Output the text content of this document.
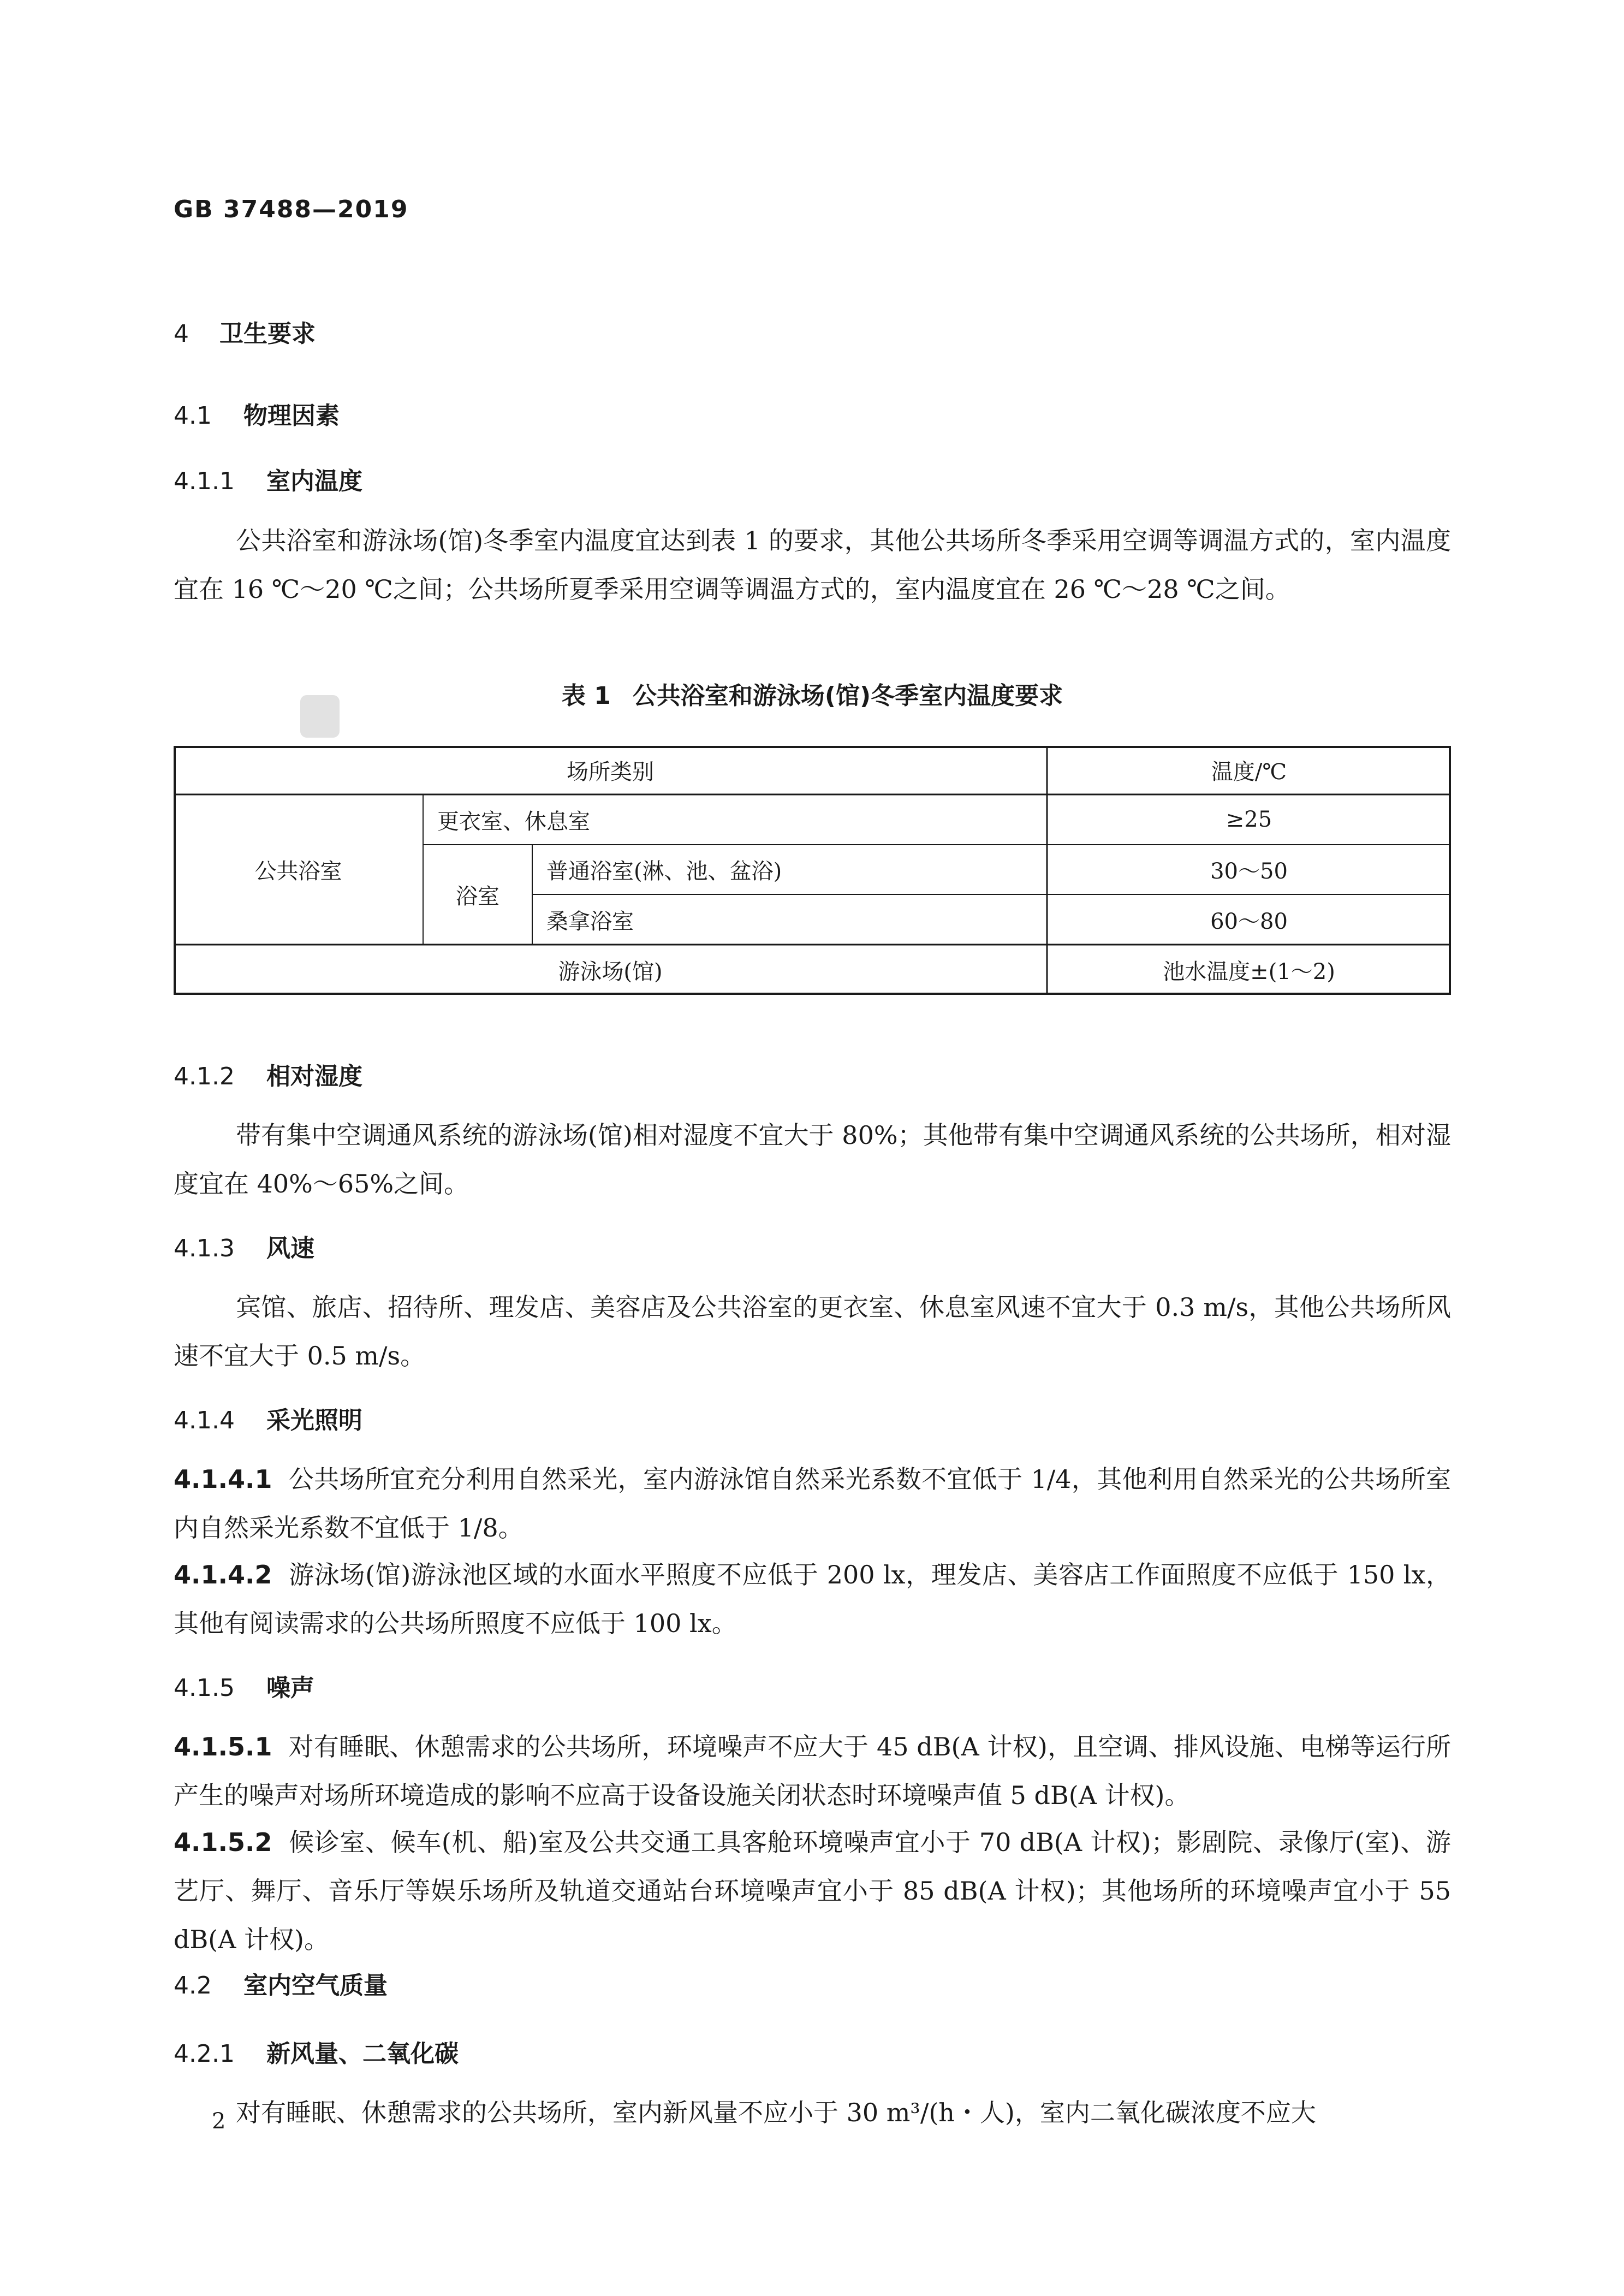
GB 37488—2019
4 卫生要求
4.1 物理因素
4.1.1 室内温度
公共浴室和游泳场(馆)冬季室内温度宜达到表 1 的要求，其他公共场所冬季采用空调等调温方式的，室内温度宜在 16 ℃～20 ℃之间；公共场所夏季采用空调等调温方式的，室内温度宜在 26 ℃～28 ℃之间。
表 1 公共浴室和游泳场(馆)冬季室内温度要求
场所类别	温度/℃
公共浴室
更衣室、休息室	≥25
浴室
普通浴室(淋、池、盆浴)	30～50
桑拿浴室	60～80
游泳场(馆)	池水温度±(1～2)
4.1.2 相对湿度
带有集中空调通风系统的游泳场(馆)相对湿度不宜大于 80%；其他带有集中空调通风系统的公共场所，相对湿度宜在 40%～65%之间。
4.1.3 风速
宾馆、旅店、招待所、理发店、美容店及公共浴室的更衣室、休息室风速不宜大于 0.3 m/s，其他公共场所风速不宜大于 0.5 m/s。
4.1.4 采光照明
4.1.4.1 公共场所宜充分利用自然采光，室内游泳馆自然采光系数不宜低于 1/4，其他利用自然采光的公共场所室内自然采光系数不宜低于 1/8。
4.1.4.2 游泳场(馆)游泳池区域的水面水平照度不应低于 200 lx，理发店、美容店工作面照度不应低于 150 lx，其他有阅读需求的公共场所照度不应低于 100 lx。
4.1.5 噪声
4.1.5.1 对有睡眠、休憩需求的公共场所，环境噪声不应大于 45 dB(A 计权)，且空调、排风设施、电梯等运行所产生的噪声对场所环境造成的影响不应高于设备设施关闭状态时环境噪声值 5 dB(A 计权)。
4.1.5.2 候诊室、候车(机、船)室及公共交通工具客舱环境噪声宜小于 70 dB(A 计权)；影剧院、录像厅(室)、游艺厅、舞厅、音乐厅等娱乐场所及轨道交通站台环境噪声宜小于 85 dB(A 计权)；其他场所的环境噪声宜小于 55 dB(A 计权)。
4.2 室内空气质量
4.2.1 新风量、二氧化碳
对有睡眠、休憩需求的公共场所，室内新风量不应小于 30 m³/(h・人)，室内二氧化碳浓度不应大
2
